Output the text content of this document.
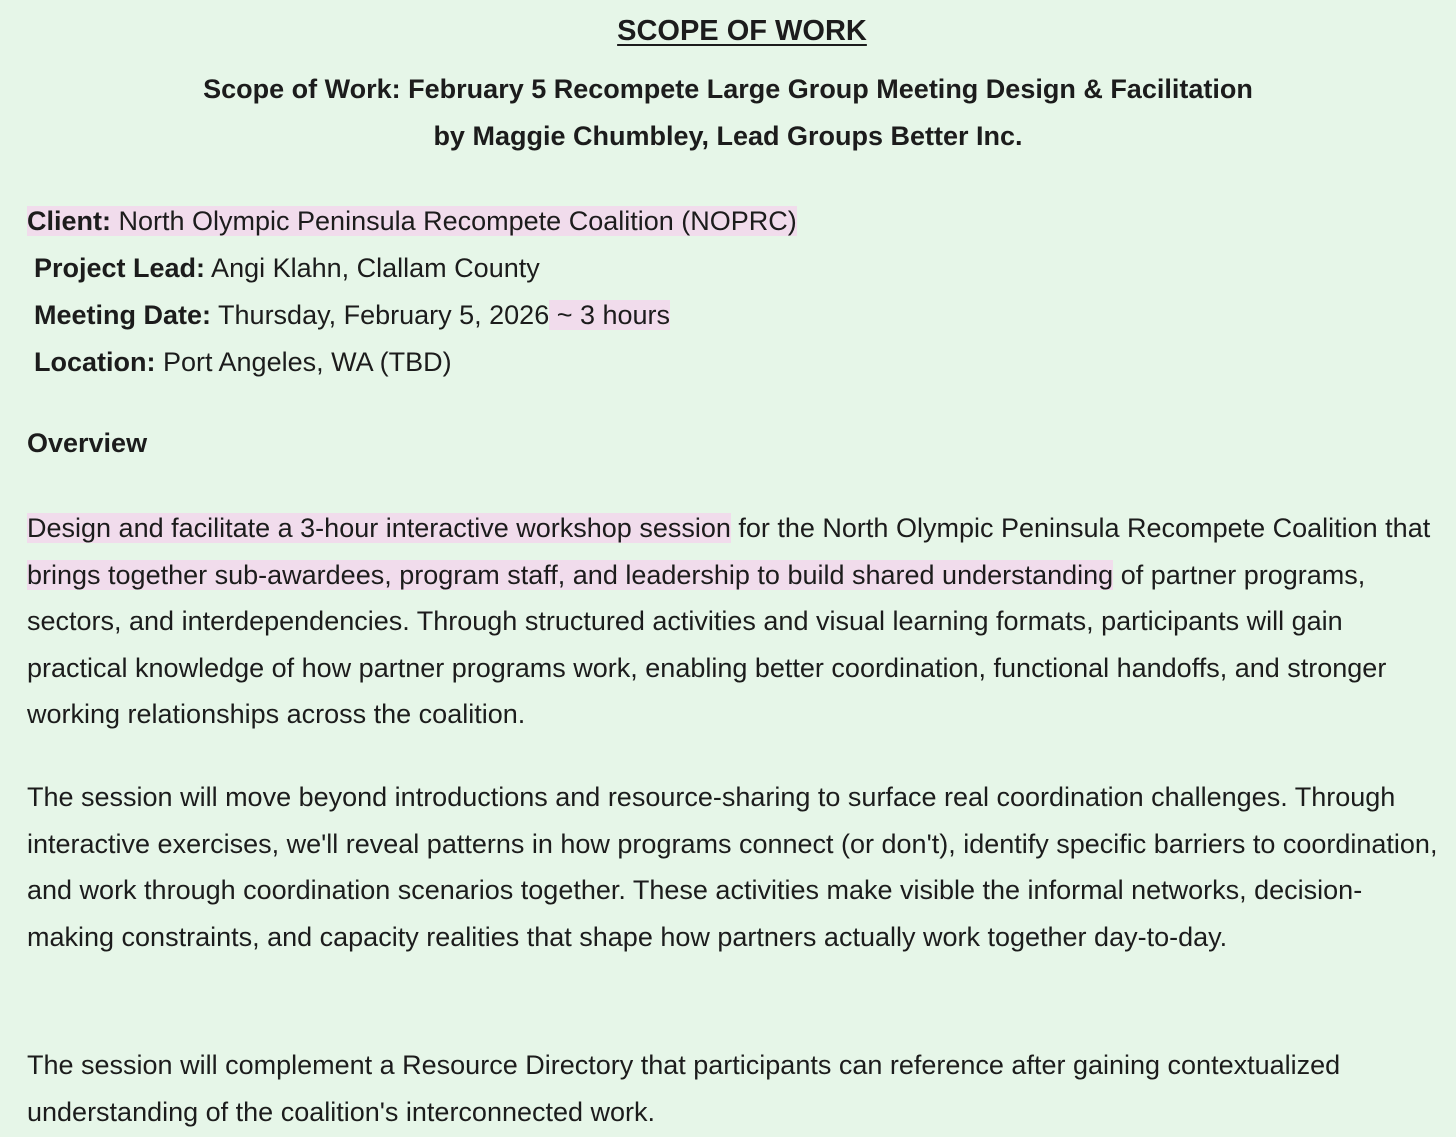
SCOPE OF WORK
Scope of Work: February 5 Recompete Large Group Meeting Design & Facilitation
by Maggie Chumbley, Lead Groups Better Inc.
Client: North Olympic Peninsula Recompete Coalition (NOPRC)
Project Lead: Angi Klahn, Clallam County
Meeting Date: Thursday, February 5, 2026 ~ 3 hours
Location: Port Angeles, WA (TBD)
Overview

Design and facilitate a 3-hour interactive workshop session for the North Olympic Peninsula Recompete Coalition that brings together sub-awardees, program staff, and leadership to build shared understanding of partner programs, sectors, and interdependencies. Through structured activities and visual learning formats, participants will gain practical knowledge of how partner programs work, enabling better coordination, functional handoffs, and stronger working relationships across the coalition.

The session will move beyond introductions and resource-sharing to surface real coordination challenges. Through interactive exercises, we'll reveal patterns in how programs connect (or don't), identify specific barriers to coordination, and work through coordination scenarios together. These activities make visible the informal networks, decision-making constraints, and capacity realities that shape how partners actually work together day-to-day.

The session will complement a Resource Directory that participants can reference after gaining contextualized understanding of the coalition's interconnected work.
